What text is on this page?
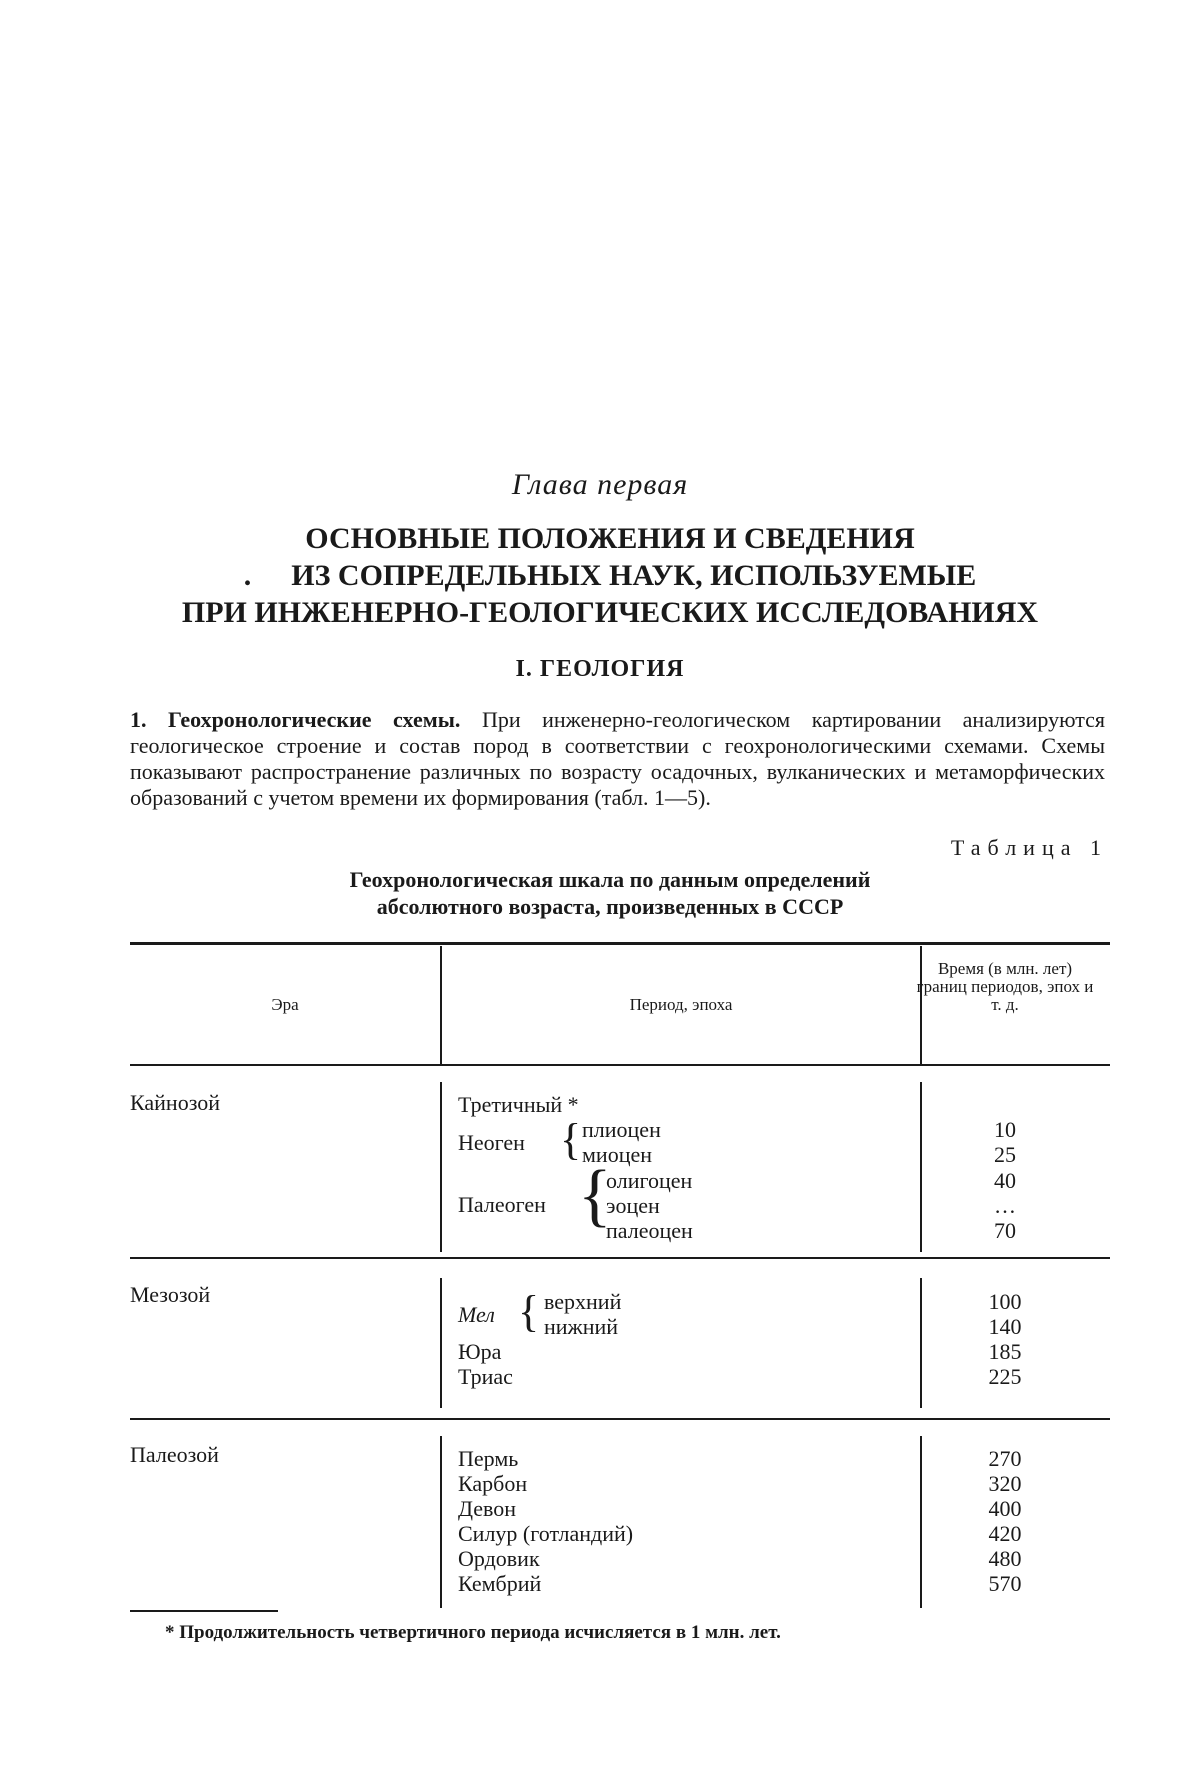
Глава первая
ОСНОВНЫЕ ПОЛОЖЕНИЯ И СВЕДЕНИЯ
. ИЗ СОПРЕДЕЛЬНЫХ НАУК, ИСПОЛЬЗУЕМЫЕ
ПРИ ИНЖЕНЕРНО-ГЕОЛОГИЧЕСКИХ ИССЛЕДОВАНИЯХ
I. ГЕОЛОГИЯ
1. Геохронологические схемы. При инженерно-геологическом картировании анализируются геологическое строение и состав пород в соответствии с геохронологическими схемами. Схемы показывают распространение различных по возрасту осадочных, вулканических и метаморфических образований с учетом времени их формирования (табл. 1—5).
Таблица 1
Геохронологическая шкала по данным определений
абсолютного возраста, произведенных в СССР
Эра	Период, эпоха
Время (в млн. лет) границ периодов, эпох и т. д.
Кайнозой	Третичный *
Неоген { плиоцен
миоцен
Палеоген {
олигоцен
эоцен
палеоцен
10
25
40
…
70
Мезозой
Мел { верхний
нижний
Юра
Триас
100
140
185
225
Палеозой	Пермь
Карбон
Девон
Силур (готландий)
Ордовик
Кембрий
270
320
400
420
480
570
* Продолжительность четвертичного периода исчисляется в 1 млн. лет.
